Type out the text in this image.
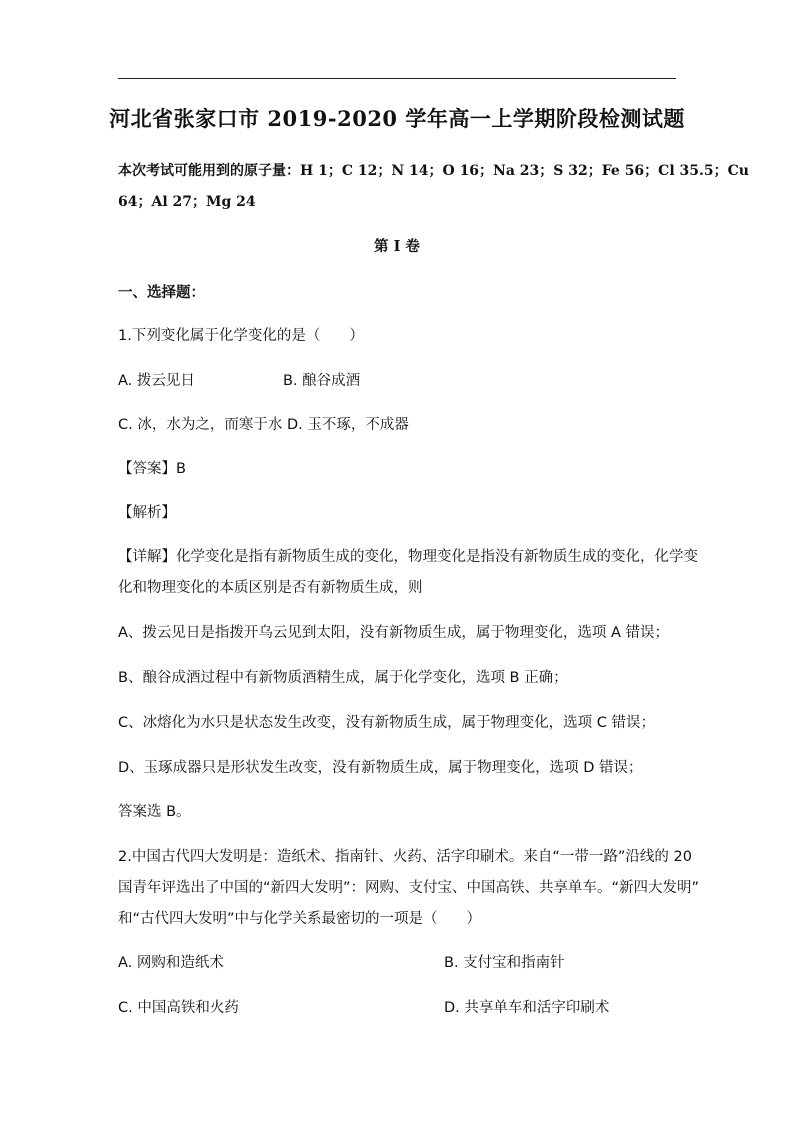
河北省张家口市 2019-2020 学年高一上学期阶段检测试题
本次考试可能用到的原子量：H 1；C 12；N 14；O 16；Na 23；S 32；Fe 56；Cl 35.5；Cu
64；Al 27；Mg 24
第 I 卷
一、选择题：
1.下列变化属于化学变化的是（　　）
A. 拨云见日	B. 酿谷成酒
C. 冰，水为之，而寒于水 D. 玉不琢，不成器
【答案】B
【解析】
【详解】化学变化是指有新物质生成的变化，物理变化是指没有新物质生成的变化，化学变
化和物理变化的本质区别是否有新物质生成，则
A、拨云见日是指拨开乌云见到太阳，没有新物质生成，属于物理变化，选项 A 错误；
B、酿谷成酒过程中有新物质酒精生成，属于化学变化，选项 B 正确；
C、冰熔化为水只是状态发生改变，没有新物质生成，属于物理变化，选项 C 错误；
D、玉琢成器只是形状发生改变，没有新物质生成，属于物理变化，选项 D 错误；
答案选 B。
2.中国古代四大发明是：造纸术、指南针、火药、活字印刷术。来自“一带一路”沿线的 20
国青年评选出了中国的“新四大发明”：网购、支付宝、中国高铁、共享单车。“新四大发明”
和“古代四大发明”中与化学关系最密切的一项是（　　）
A. 网购和造纸术	B. 支付宝和指南针
C. 中国高铁和火药	D. 共享单车和活字印刷术
